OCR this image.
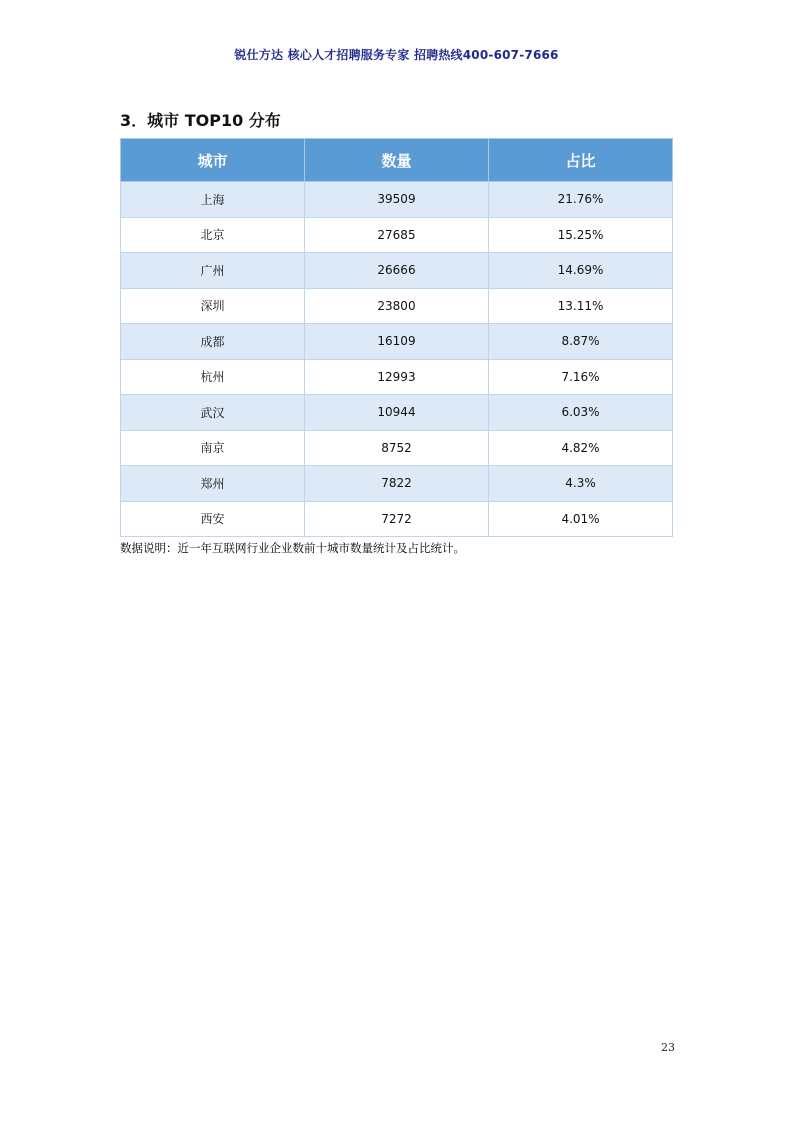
锐仕方达 核心人才招聘服务专家 招聘热线400-607-7666
3．城市 TOP10 分布
城市	数量	占比
上海	39509	21.76%
北京	27685	15.25%
广州	26666	14.69%
深圳	23800	13.11%
成都	16109	8.87%
杭州	12993	7.16%
武汉	10944	6.03%
南京	8752	4.82%
郑州	7822	4.3%
西安	7272	4.01%
数据说明：近一年互联网行业企业数前十城市数量统计及占比统计。
23
